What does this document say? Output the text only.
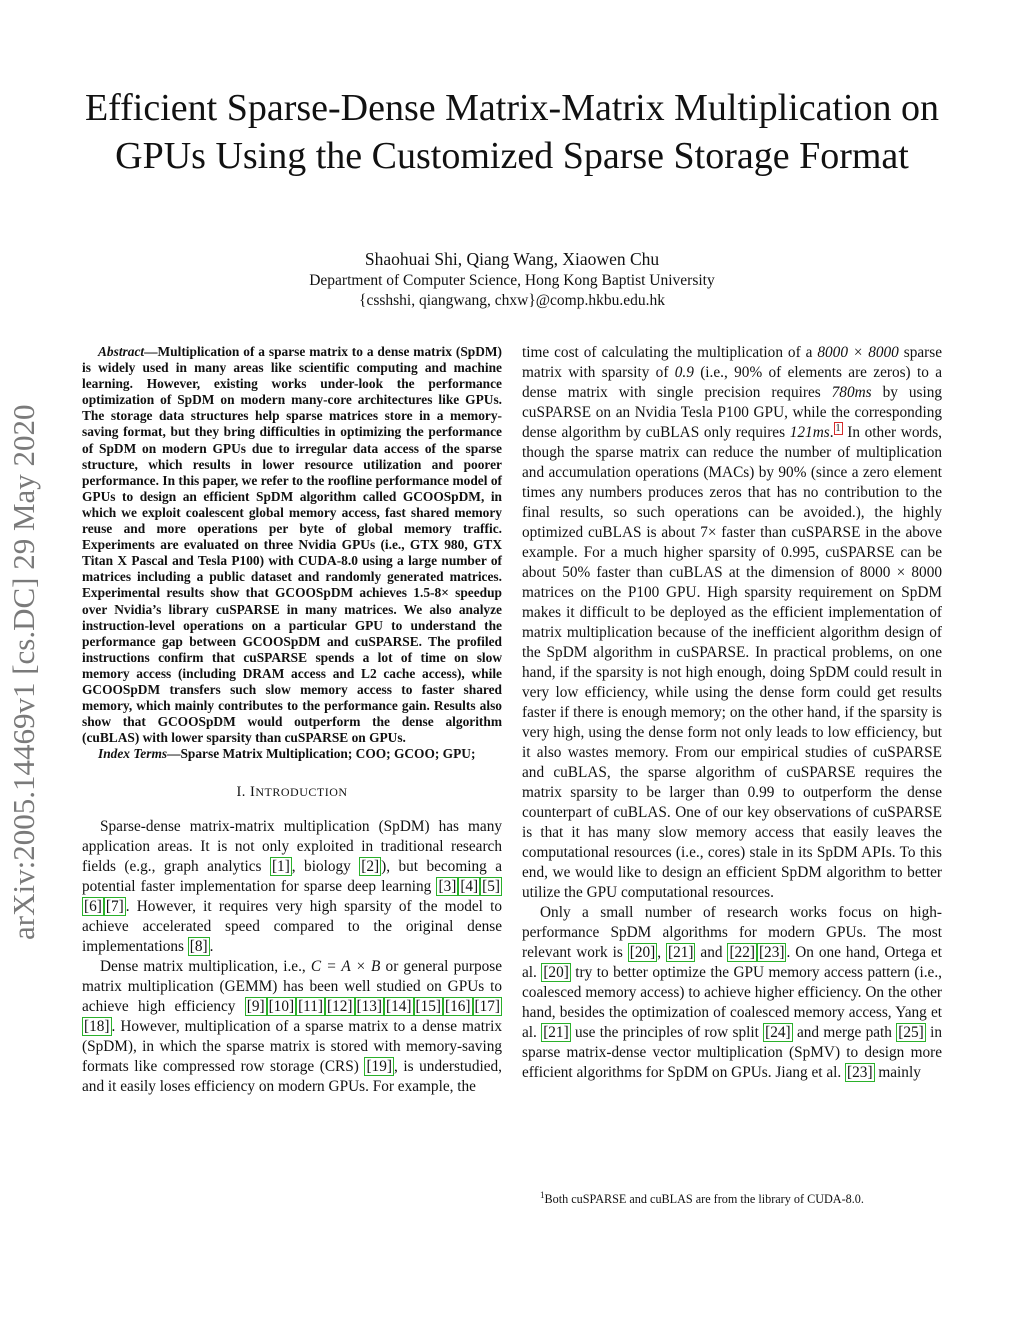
Efficient Sparse-Dense Matrix-Matrix Multiplication on GPUs Using the Customized Sparse Storage Format
Shaohuai Shi, Qiang Wang, Xiaowen Chu
Department of Computer Science, Hong Kong Baptist University
{csshshi, qiangwang, chxw}@comp.hkbu.edu.hk
arXiv:2005.14469v1 [cs.DC] 29 May 2020

Abstract—Multiplication of a sparse matrix to a dense matrix (SpDM) is widely used in many areas like scientific computing and machine learning. However, existing works under-look the performance optimization of SpDM on modern many-core architectures like GPUs. The storage data structures help sparse matrices store in a memory-saving format, but they bring difficulties in optimizing the performance of SpDM on modern GPUs due to irregular data access of the sparse structure, which results in lower resource utilization and poorer performance. In this paper, we refer to the roofline performance model of GPUs to design an efficient SpDM algorithm called GCOOSpDM, in which we exploit coalescent global memory access, fast shared memory reuse and more operations per byte of global memory traffic. Experiments are evaluated on three Nvidia GPUs (i.e., GTX 980, GTX Titan X Pascal and Tesla P100) with CUDA-8.0 using a large number of matrices including a public dataset and randomly generated matrices. Experimental results show that GCOOSpDM achieves 1.5-8× speedup over Nvidia’s library cuSPARSE in many matrices. We also analyze instruction-level operations on a particular GPU to understand the performance gap between GCOOSpDM and cuSPARSE. The profiled instructions confirm that cuSPARSE spends a lot of time on slow memory access (including DRAM access and L2 cache access), while GCOOSpDM transfers such slow memory access to faster shared memory, which mainly contributes to the performance gain. Results also show that GCOOSpDM would outperform the dense algorithm (cuBLAS) with lower sparsity than cuSPARSE on GPUs.

Index Terms—Sparse Matrix Multiplication; COO; GCOO; GPU;

I. INTRODUCTION

Sparse-dense matrix-matrix multiplication (SpDM) has many application areas. It is not only exploited in traditional research fields (e.g., graph analytics [1] , biology [2] ), but becoming a potential faster implementation for sparse deep learning [3] [4] [5][6] [7] . However, it requires very high sparsity of the model to achieve accelerated speed compared to the original dense implementations [8] .

Dense matrix multiplication, i.e., C = A × B or general purpose matrix multiplication (GEMM) has been well studied on GPUs to achieve high efficiency [9] [10] [11] [12] [13] [14] [15] [16] [17][18] . However, multiplication of a sparse matrix to a dense matrix (SpDM), in which the sparse matrix is stored with memory-saving formats like compressed row storage (CRS) [19] , is understudied, and it easily loses efficiency on modern GPUs. For example, the

time cost of calculating the multiplication of a 8000 × 8000 sparse matrix with sparsity of 0.9 (i.e., 90% of elements are zeros) to a dense matrix with single precision requires 780ms by using cuSPARSE on an Nvidia Tesla P100 GPU, while the corresponding dense algorithm by cuBLAS only requires 121ms. $^1$ In other words, though the sparse matrix can reduce the number of multiplication and accumulation operations (MACs) by 90% (since a zero element times any numbers produces zeros that has no contribution to the final results, so such operations can be avoided.), the highly optimized cuBLAS is about 7× faster than cuSPARSE in the above example. For a much higher sparsity of 0.995, cuSPARSE can be about 50% faster than cuBLAS at the dimension of 8000 × 8000 matrices on the P100 GPU. High sparsity requirement on SpDM makes it difficult to be deployed as the efficient implementation of matrix multiplication because of the inefficient algorithm design of the SpDM algorithm in cuSPARSE. In practical problems, on one hand, if the sparsity is not high enough, doing SpDM could result in very low efficiency, while using the dense form could get results faster if there is enough memory; on the other hand, if the sparsity is very high, using the dense form not only leads to low efficiency, but it also wastes memory. From our empirical studies of cuSPARSE and cuBLAS, the sparse algorithm of cuSPARSE requires the matrix sparsity to be larger than 0.99 to outperform the dense counterpart of cuBLAS. One of our key observations of cuSPARSE is that it has many slow memory access that easily leaves the computational resources (i.e., cores) stale in its SpDM APIs. To this end, we would like to design an efficient SpDM algorithm to better utilize the GPU computational resources.

Only a small number of research works focus on high-performance SpDM algorithms for modern GPUs. The most relevant work is [20] , [21] and [22] [23] . On one hand, Ortega et al. [20] try to better optimize the GPU memory access pattern (i.e., coalesced memory access) to achieve higher efficiency. On the other hand, besides the optimization of coalesced memory access, Yang et al. [21] use the principles of row split [24] and merge path [25] in sparse matrix-dense vector multiplication (SpMV) to design more efficient algorithms for SpDM on GPUs. Jiang et al. [23] mainly

$^1$Both cuSPARSE and cuBLAS are from the library of CUDA-8.0.
